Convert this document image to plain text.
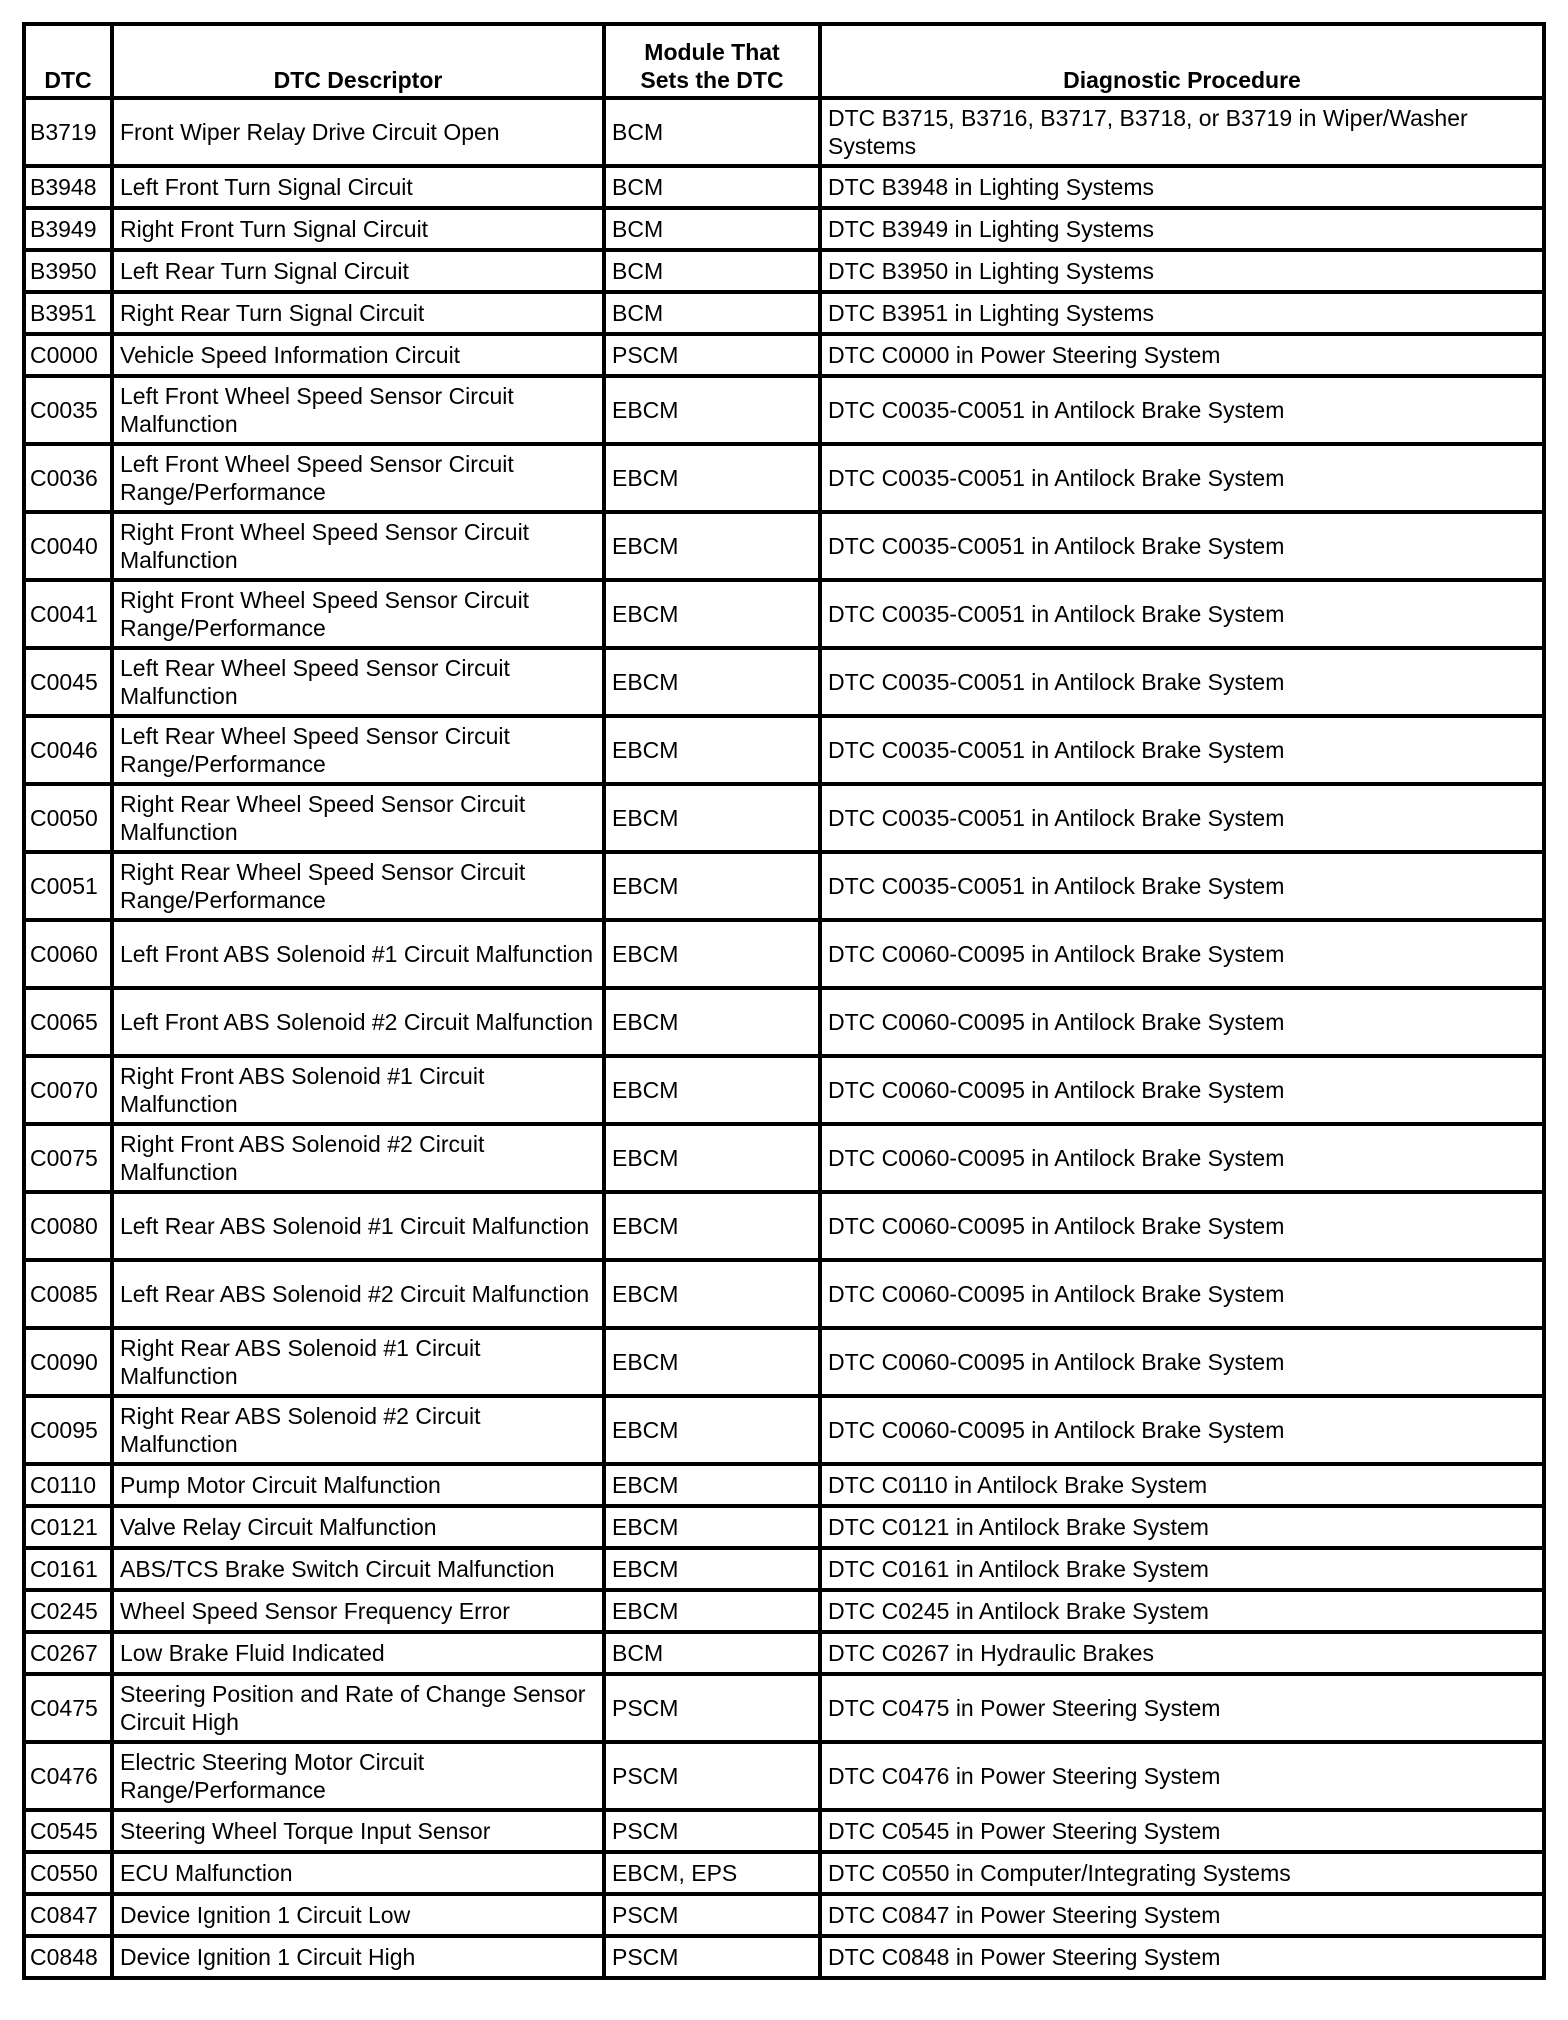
DTC	DTC Descriptor	Module That Sets the DTC	Diagnostic Procedure
B3719	Front Wiper Relay Drive Circuit Open	BCM	DTC B3715, B3716, B3717, B3718, or B3719 in Wiper/Washer Systems
B3948	Left Front Turn Signal Circuit	BCM	DTC B3948 in Lighting Systems
B3949	Right Front Turn Signal Circuit	BCM	DTC B3949 in Lighting Systems
B3950	Left Rear Turn Signal Circuit	BCM	DTC B3950 in Lighting Systems
B3951	Right Rear Turn Signal Circuit	BCM	DTC B3951 in Lighting Systems
C0000	Vehicle Speed Information Circuit	PSCM	DTC C0000 in Power Steering System
C0035	Left Front Wheel Speed Sensor Circuit Malfunction	EBCM	DTC C0035-C0051 in Antilock Brake System
C0036	Left Front Wheel Speed Sensor Circuit Range/Performance	EBCM	DTC C0035-C0051 in Antilock Brake System
C0040	Right Front Wheel Speed Sensor Circuit Malfunction	EBCM	DTC C0035-C0051 in Antilock Brake System
C0041	Right Front Wheel Speed Sensor Circuit Range/Performance	EBCM	DTC C0035-C0051 in Antilock Brake System
C0045	Left Rear Wheel Speed Sensor Circuit Malfunction	EBCM	DTC C0035-C0051 in Antilock Brake System
C0046	Left Rear Wheel Speed Sensor Circuit Range/Performance	EBCM	DTC C0035-C0051 in Antilock Brake System
C0050	Right Rear Wheel Speed Sensor Circuit Malfunction	EBCM	DTC C0035-C0051 in Antilock Brake System
C0051	Right Rear Wheel Speed Sensor Circuit Range/Performance	EBCM	DTC C0035-C0051 in Antilock Brake System
C0060	Left Front ABS Solenoid #1 Circuit Malfunction	EBCM	DTC C0060-C0095 in Antilock Brake System
C0065	Left Front ABS Solenoid #2 Circuit Malfunction	EBCM	DTC C0060-C0095 in Antilock Brake System
C0070	Right Front ABS Solenoid #1 Circuit Malfunction	EBCM	DTC C0060-C0095 in Antilock Brake System
C0075	Right Front ABS Solenoid #2 Circuit Malfunction	EBCM	DTC C0060-C0095 in Antilock Brake System
C0080	Left Rear ABS Solenoid #1 Circuit Malfunction	EBCM	DTC C0060-C0095 in Antilock Brake System
C0085	Left Rear ABS Solenoid #2 Circuit Malfunction	EBCM	DTC C0060-C0095 in Antilock Brake System
C0090	Right Rear ABS Solenoid #1 Circuit Malfunction	EBCM	DTC C0060-C0095 in Antilock Brake System
C0095	Right Rear ABS Solenoid #2 Circuit Malfunction	EBCM	DTC C0060-C0095 in Antilock Brake System
C0110	Pump Motor Circuit Malfunction	EBCM	DTC C0110 in Antilock Brake System
C0121	Valve Relay Circuit Malfunction	EBCM	DTC C0121 in Antilock Brake System
C0161	ABS/TCS Brake Switch Circuit Malfunction	EBCM	DTC C0161 in Antilock Brake System
C0245	Wheel Speed Sensor Frequency Error	EBCM	DTC C0245 in Antilock Brake System
C0267	Low Brake Fluid Indicated	BCM	DTC C0267 in Hydraulic Brakes
C0475	Steering Position and Rate of Change Sensor Circuit High	PSCM	DTC C0475 in Power Steering System
C0476	Electric Steering Motor Circuit Range/Performance	PSCM	DTC C0476 in Power Steering System
C0545	Steering Wheel Torque Input Sensor	PSCM	DTC C0545 in Power Steering System
C0550	ECU Malfunction	EBCM, EPS	DTC C0550 in Computer/Integrating Systems
C0847	Device Ignition 1 Circuit Low	PSCM	DTC C0847 in Power Steering System
C0848	Device Ignition 1 Circuit High	PSCM	DTC C0848 in Power Steering System
